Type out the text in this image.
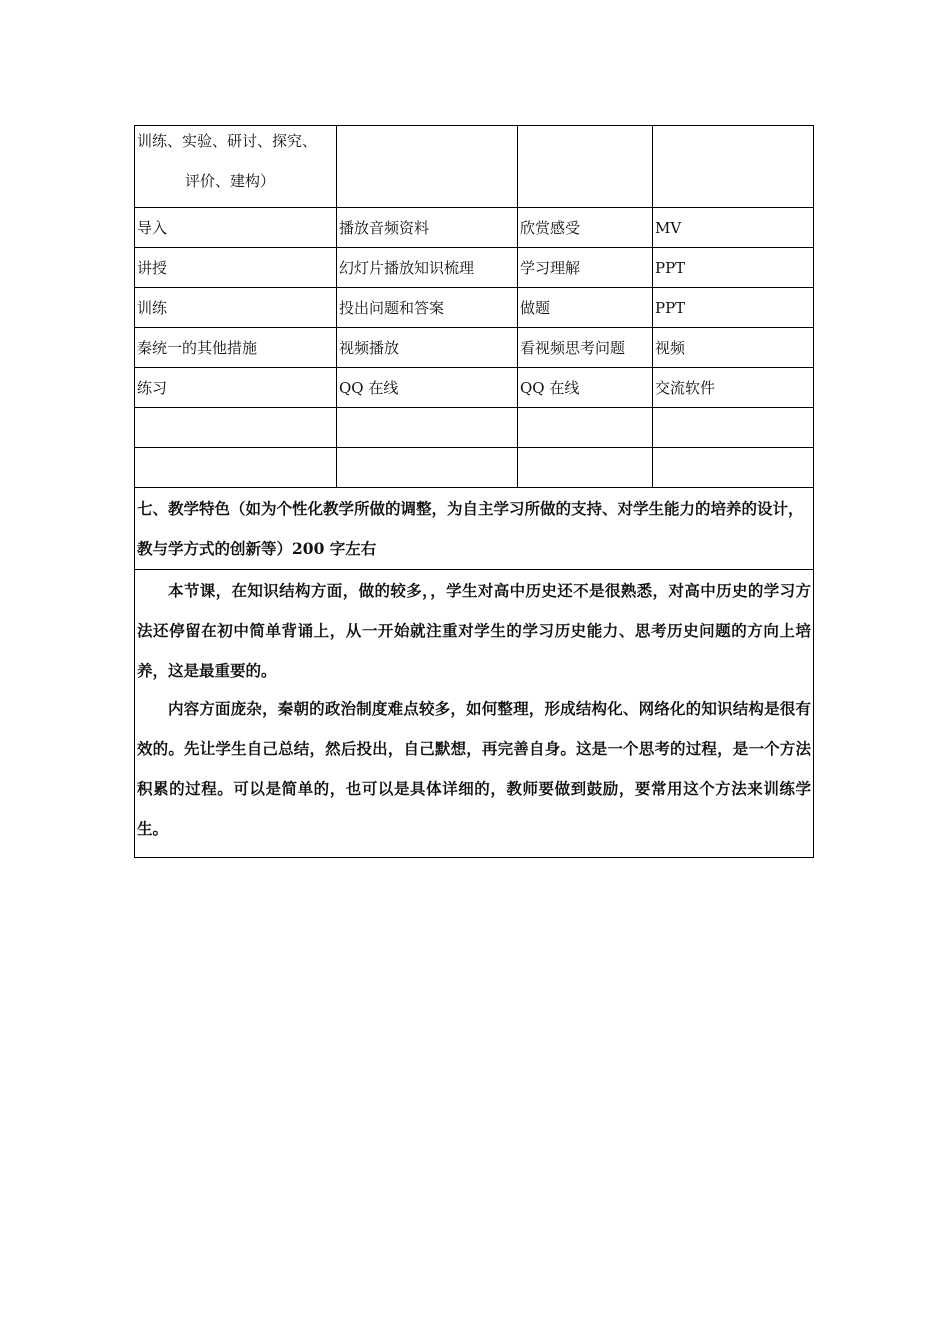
训练、实验、研讨、探究、
评价、建构）			

导入	播放音频资料	欣赏感受	MV
讲授	幻灯片播放知识梳理	学习理解	PPT
训练	投出问题和答案	做题	PPT
秦统一的其他措施	视频播放	看视频思考问题	视频
练习	QQ 在线	QQ 在线	交流软件

七、教学特色（如为个性化教学所做的调整，为自主学习所做的支持、对学生能力的培养的设计，教与学方式的创新等）200 字左右			

本节课，在知识结构方面，做的较多，，学生对高中历史还不是很熟悉，对高中历史的学习方法还停留在初中简单背诵上，从一开始就注重对学生的学习历史能力、思考历史问题的方向上培养，这是最重要的。

内容方面庞杂，秦朝的政治制度难点较多，如何整理，形成结构化、网络化的知识结构是很有效的。先让学生自己总结，然后投出，自己默想，再完善自身。这是一个思考的过程，是一个方法积累的过程。可以是简单的，也可以是具体详细的，教师要做到鼓励，要常用这个方法来训练学生。			
